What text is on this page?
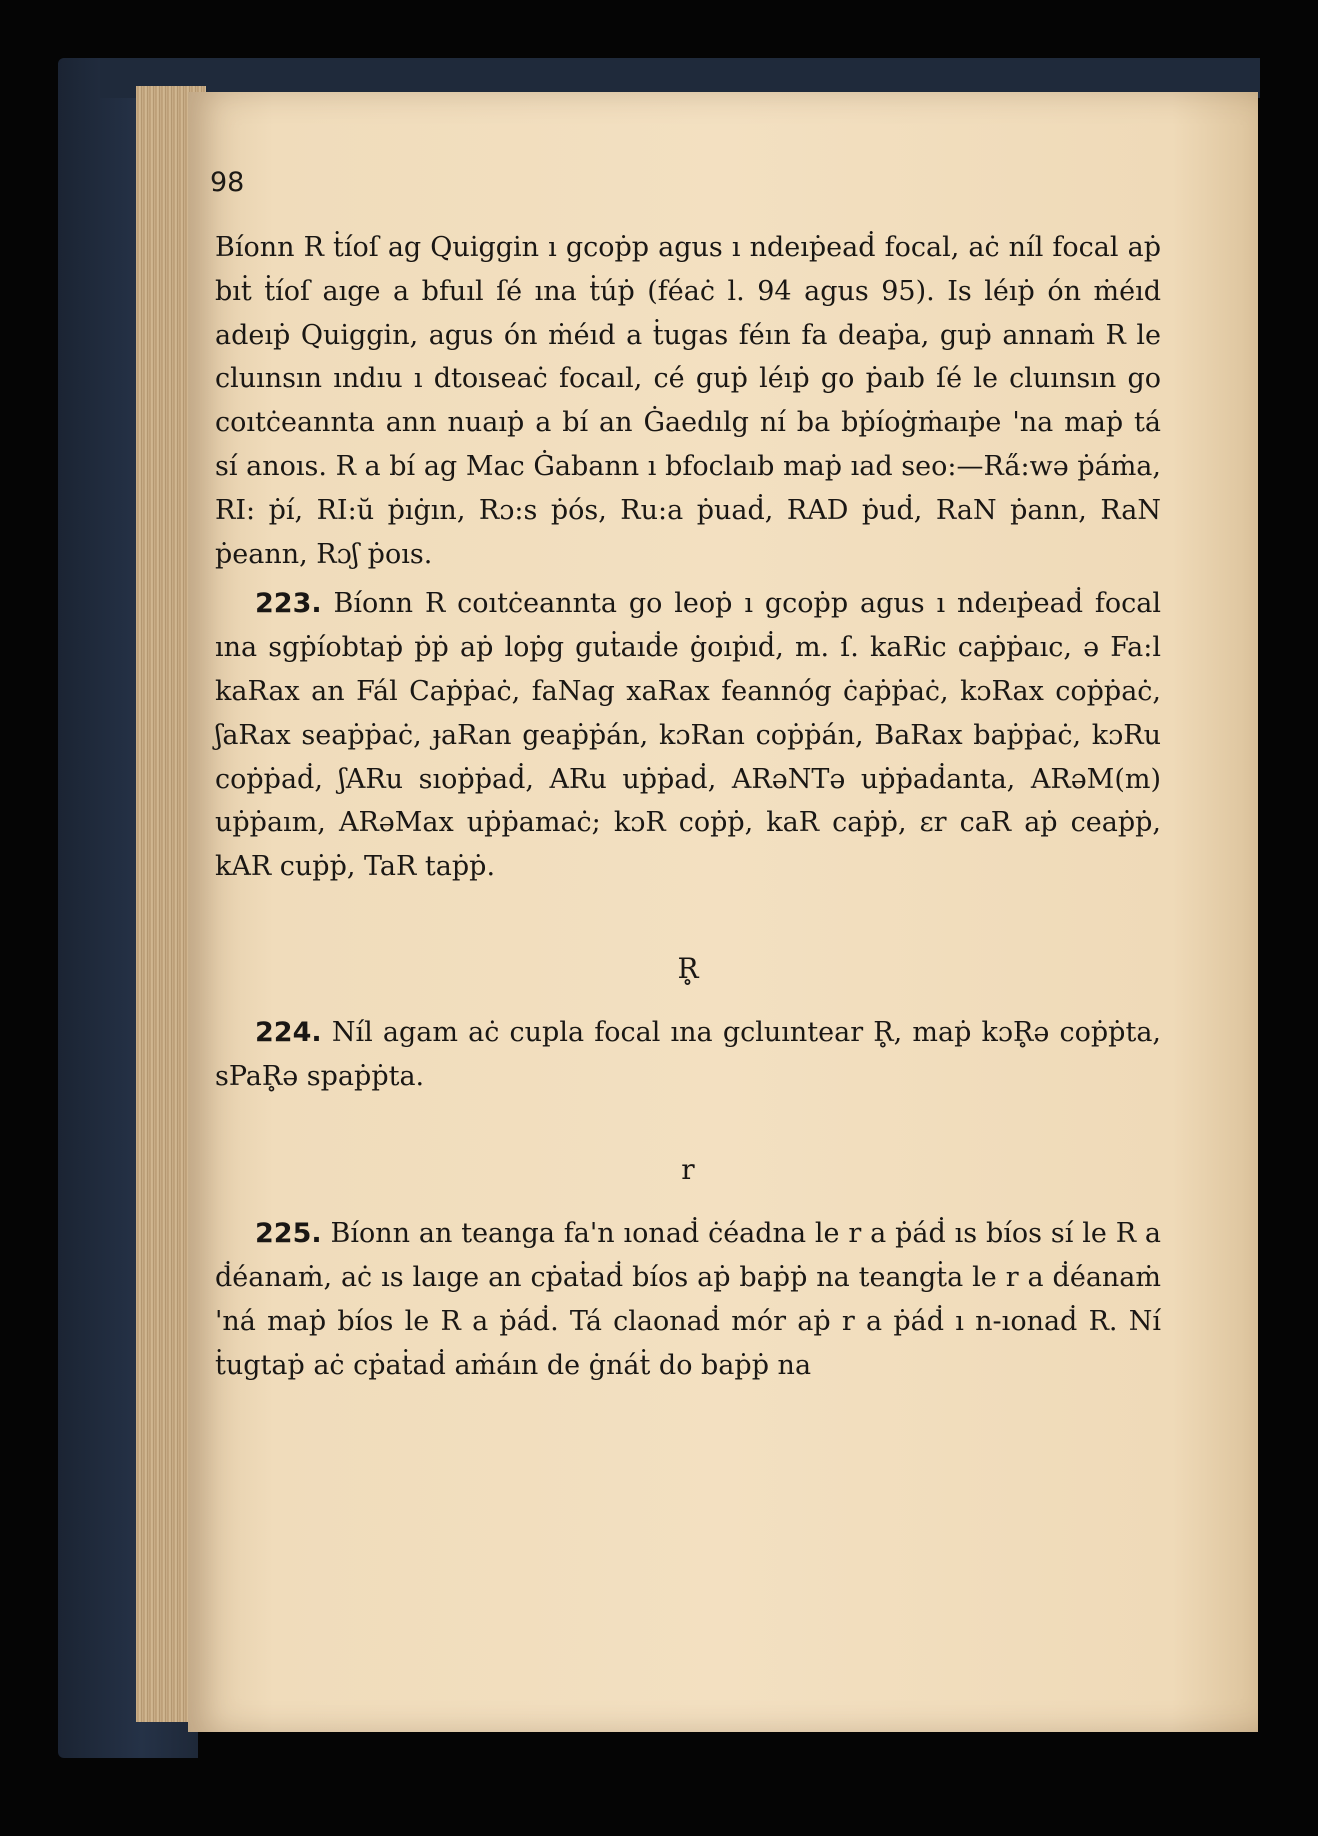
98

Bíonn R ṫíoſ ag Quiggin ı gcoṗp agus ı ndeıṗeaḋ focal, aċ níl focal aṗ bıṫ ṫíoſ aıge a bfuıl ſé ına ṫúṗ (féaċ l. 94 agus 95). Is léıṗ ón ṁéıd adeıṗ Quiggin, agus ón ṁéıd a ṫugas féın fa deaṗa, guṗ annaṁ R le cluınsın ındıu ı dtoıseaċ focaıl, cé guṗ léıṗ go ṗaıb ſé le cluınsın go coıtċeannta ann nuaıṗ a bí an Ġaedılg ní ba bṗíoġṁaıṗe 'na maṗ tá sí anoıs. R a bí ag Mac Ġabann ı bfoclaıb maṗ ıad seo:—Ra̋:wə ṗáṁa, RI: ṗí, RI:ŭ ṗıġın, Rɔ:s ṗós, Ru:a ṗuaḋ, RAD ṗuḋ, RaN ṗann, RaN ṗeann, Rɔʃ ṗoıs.

223. Bíonn R coıtċeannta go leoṗ ı gcoṗp agus ı ndeıṗeaḋ focal ına sgṗíobtaṗ ṗṗ aṗ loṗg guṫaıḋe ġoıṗıḋ, m. ſ. kaRic caṗṗaıc, ə Fa:l kaRax an Fál Caṗṗaċ, faNag xaRax feannóg ċaṗṗaċ, kɔRax coṗṗaċ, ʃaRax seaṗṗaċ, ɟaRan geaṗṗán, kɔRan coṗṗán, BaRax baṗṗaċ, kɔRu coṗṗaḋ, ʃARu sıoṗṗaḋ, ARu uṗṗaḋ, ARəNTə uṗṗaḋanta, ARəM(m) uṗṗaım, ARəMax uṗṗamaċ; kɔR coṗṗ, kaR caṗṗ, ɛr caR aṗ ceaṗṗ, kAR cuṗṗ, TaR taṗṗ.

R̥

224. Níl agam aċ cupla focal ına gcluıntear R̥, maṗ kɔR̥ə coṗṗta, sPaR̥ə spaṗṗta.

r

225. Bíonn an teanga fa'n ıonaḋ ċéadna le r a ṗáḋ ıs bíos sí le R a ḋéanaṁ, aċ ıs laıge an cṗaṫaḋ bíos aṗ baṗṗ na teangṫa le r a ḋéanaṁ 'ná maṗ bíos le R a ṗáḋ. Tá claonaḋ mór aṗ r a ṗáḋ ı n-ıonaḋ R. Ní ṫugtaṗ aċ cṗaṫaḋ aṁáın de ġnáṫ do baṗṗ na
